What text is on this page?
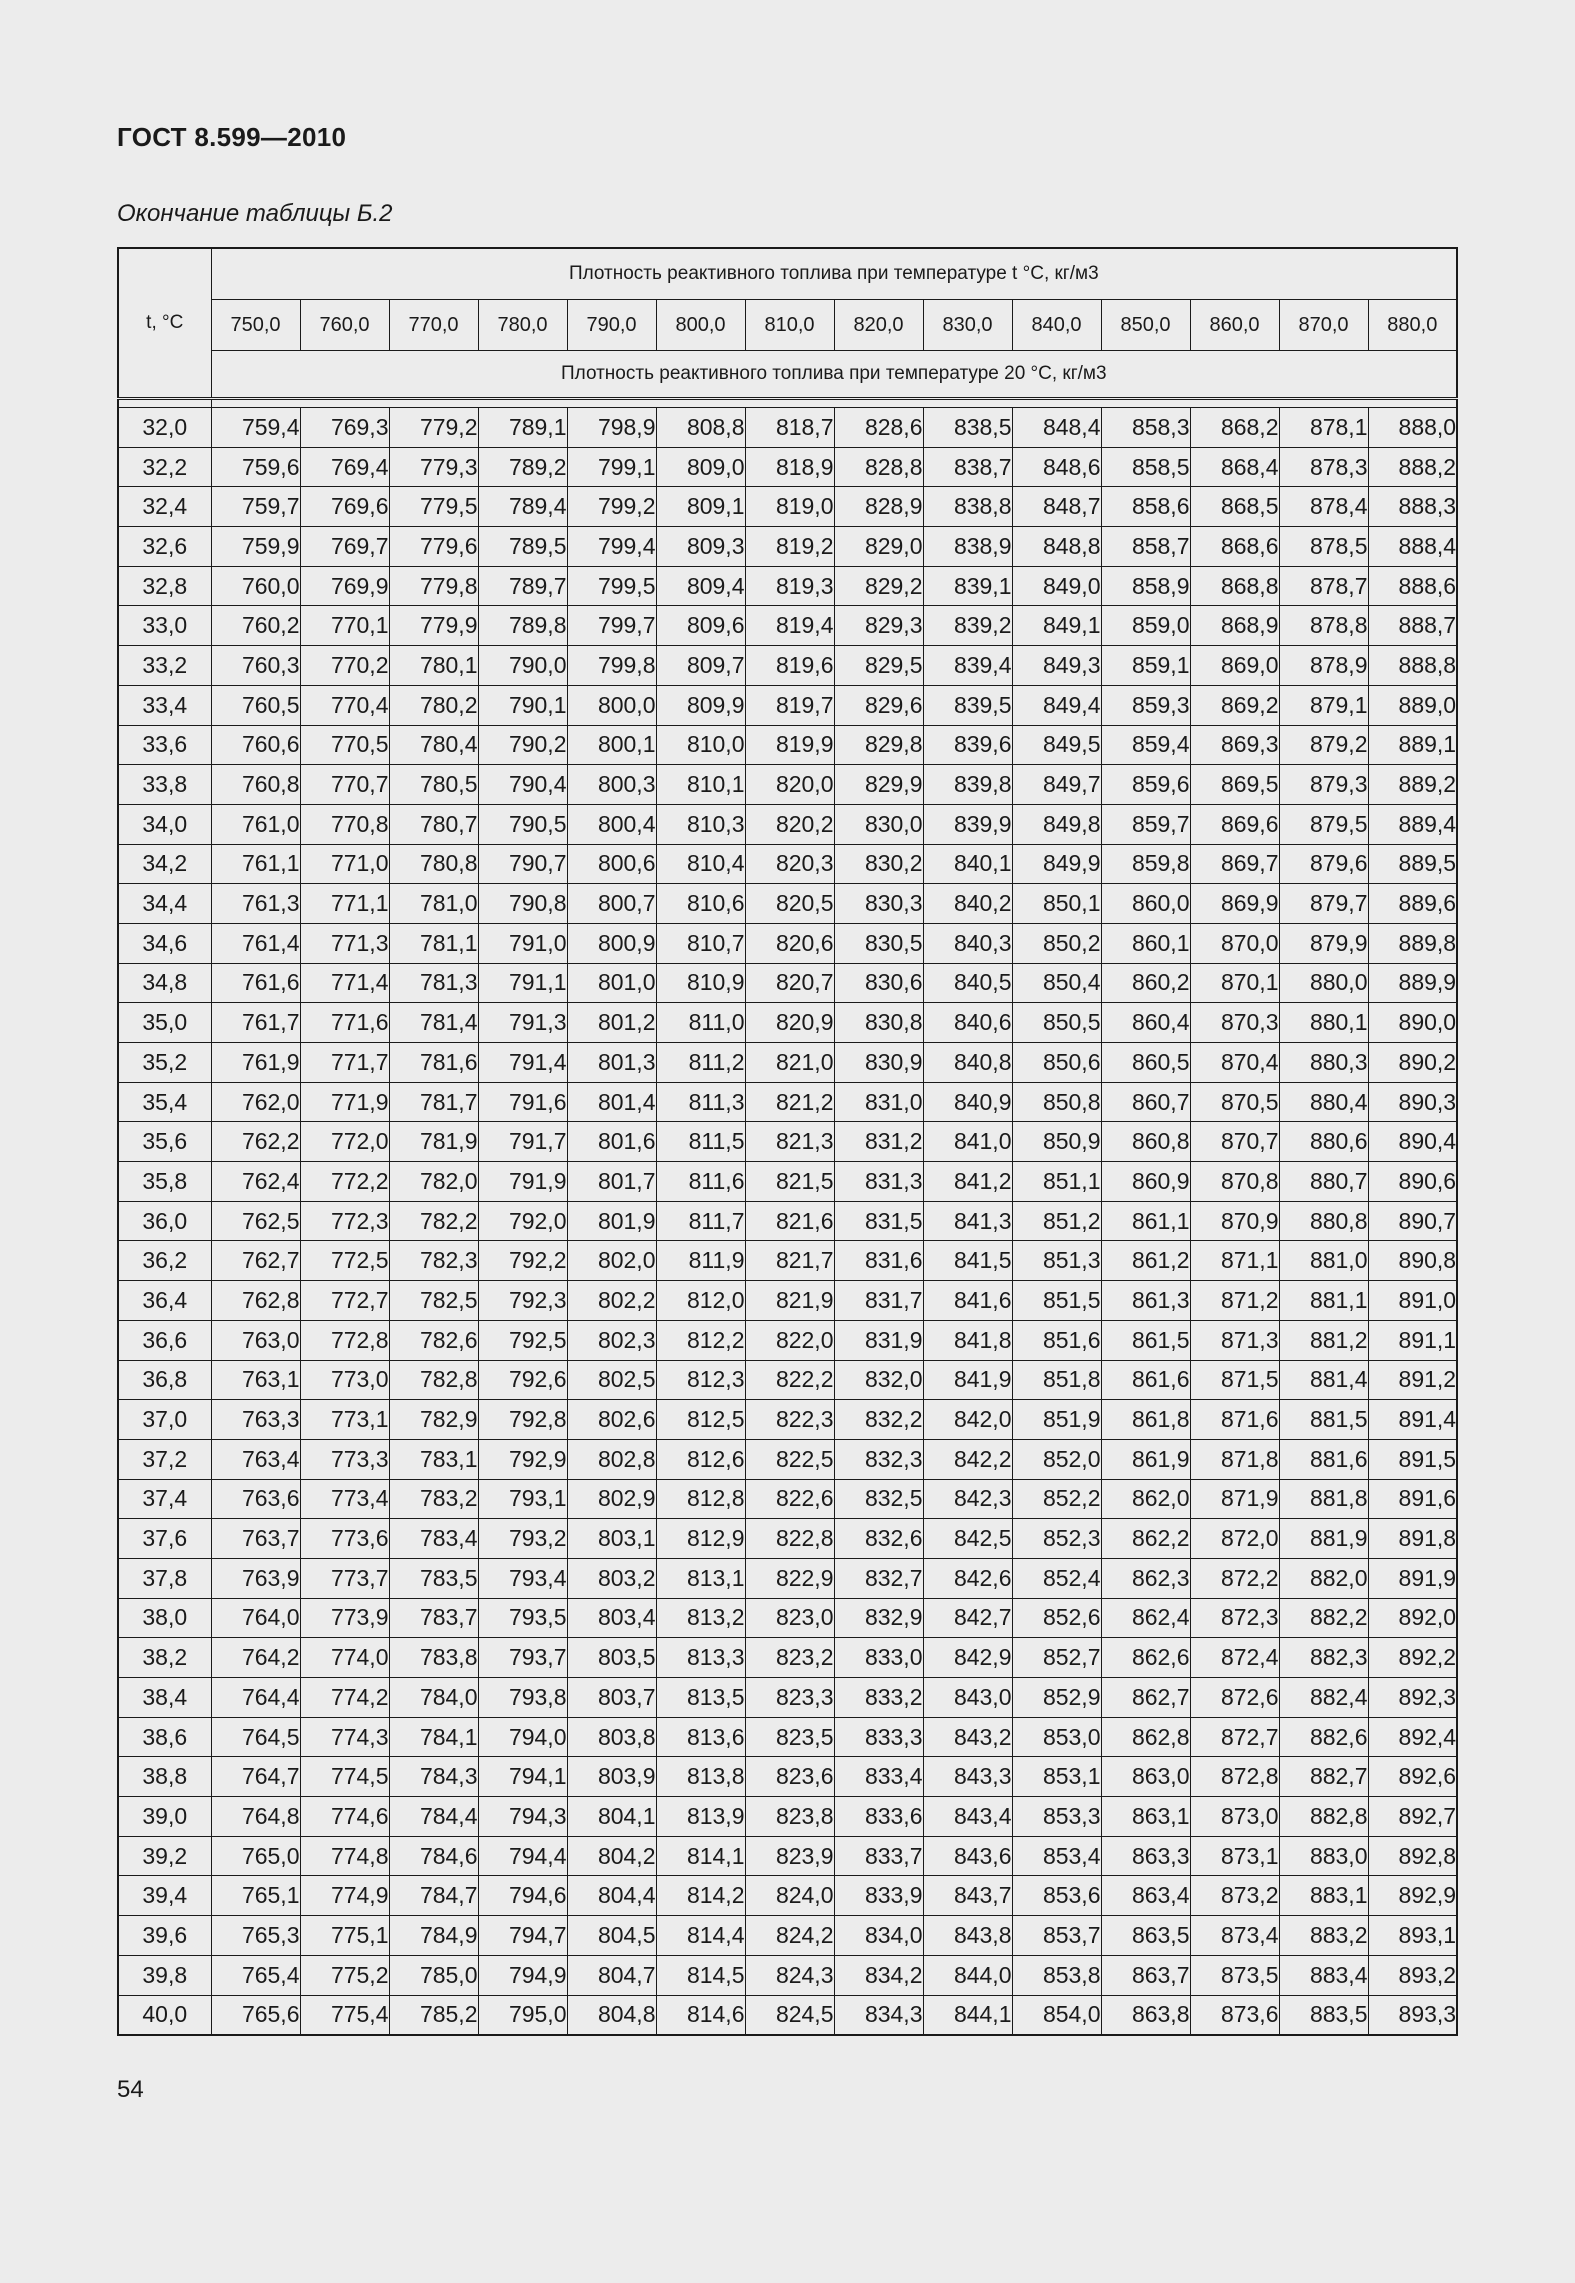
ГОСТ 8.599—2010
Окончание таблицы Б.2
t, °C	Плотность реактивного топлива при температуре t °C, кг/м3													
	750,0	760,0	770,0	780,0	790,0	800,0	810,0	820,0	830,0	840,0	850,0	860,0	870,0	880,0
	Плотность реактивного топлива при температуре 20 °C, кг/м3													

32,0	759,4	769,3	779,2	789,1	798,9	808,8	818,7	828,6	838,5	848,4	858,3	868,2	878,1	888,0
32,2	759,6	769,4	779,3	789,2	799,1	809,0	818,9	828,8	838,7	848,6	858,5	868,4	878,3	888,2
32,4	759,7	769,6	779,5	789,4	799,2	809,1	819,0	828,9	838,8	848,7	858,6	868,5	878,4	888,3
32,6	759,9	769,7	779,6	789,5	799,4	809,3	819,2	829,0	838,9	848,8	858,7	868,6	878,5	888,4
32,8	760,0	769,9	779,8	789,7	799,5	809,4	819,3	829,2	839,1	849,0	858,9	868,8	878,7	888,6
33,0	760,2	770,1	779,9	789,8	799,7	809,6	819,4	829,3	839,2	849,1	859,0	868,9	878,8	888,7
33,2	760,3	770,2	780,1	790,0	799,8	809,7	819,6	829,5	839,4	849,3	859,1	869,0	878,9	888,8
33,4	760,5	770,4	780,2	790,1	800,0	809,9	819,7	829,6	839,5	849,4	859,3	869,2	879,1	889,0
33,6	760,6	770,5	780,4	790,2	800,1	810,0	819,9	829,8	839,6	849,5	859,4	869,3	879,2	889,1
33,8	760,8	770,7	780,5	790,4	800,3	810,1	820,0	829,9	839,8	849,7	859,6	869,5	879,3	889,2
34,0	761,0	770,8	780,7	790,5	800,4	810,3	820,2	830,0	839,9	849,8	859,7	869,6	879,5	889,4
34,2	761,1	771,0	780,8	790,7	800,6	810,4	820,3	830,2	840,1	849,9	859,8	869,7	879,6	889,5
34,4	761,3	771,1	781,0	790,8	800,7	810,6	820,5	830,3	840,2	850,1	860,0	869,9	879,7	889,6
34,6	761,4	771,3	781,1	791,0	800,9	810,7	820,6	830,5	840,3	850,2	860,1	870,0	879,9	889,8
34,8	761,6	771,4	781,3	791,1	801,0	810,9	820,7	830,6	840,5	850,4	860,2	870,1	880,0	889,9
35,0	761,7	771,6	781,4	791,3	801,2	811,0	820,9	830,8	840,6	850,5	860,4	870,3	880,1	890,0
35,2	761,9	771,7	781,6	791,4	801,3	811,2	821,0	830,9	840,8	850,6	860,5	870,4	880,3	890,2
35,4	762,0	771,9	781,7	791,6	801,4	811,3	821,2	831,0	840,9	850,8	860,7	870,5	880,4	890,3
35,6	762,2	772,0	781,9	791,7	801,6	811,5	821,3	831,2	841,0	850,9	860,8	870,7	880,6	890,4
35,8	762,4	772,2	782,0	791,9	801,7	811,6	821,5	831,3	841,2	851,1	860,9	870,8	880,7	890,6
36,0	762,5	772,3	782,2	792,0	801,9	811,7	821,6	831,5	841,3	851,2	861,1	870,9	880,8	890,7
36,2	762,7	772,5	782,3	792,2	802,0	811,9	821,7	831,6	841,5	851,3	861,2	871,1	881,0	890,8
36,4	762,8	772,7	782,5	792,3	802,2	812,0	821,9	831,7	841,6	851,5	861,3	871,2	881,1	891,0
36,6	763,0	772,8	782,6	792,5	802,3	812,2	822,0	831,9	841,8	851,6	861,5	871,3	881,2	891,1
36,8	763,1	773,0	782,8	792,6	802,5	812,3	822,2	832,0	841,9	851,8	861,6	871,5	881,4	891,2
37,0	763,3	773,1	782,9	792,8	802,6	812,5	822,3	832,2	842,0	851,9	861,8	871,6	881,5	891,4
37,2	763,4	773,3	783,1	792,9	802,8	812,6	822,5	832,3	842,2	852,0	861,9	871,8	881,6	891,5
37,4	763,6	773,4	783,2	793,1	802,9	812,8	822,6	832,5	842,3	852,2	862,0	871,9	881,8	891,6
37,6	763,7	773,6	783,4	793,2	803,1	812,9	822,8	832,6	842,5	852,3	862,2	872,0	881,9	891,8
37,8	763,9	773,7	783,5	793,4	803,2	813,1	822,9	832,7	842,6	852,4	862,3	872,2	882,0	891,9
38,0	764,0	773,9	783,7	793,5	803,4	813,2	823,0	832,9	842,7	852,6	862,4	872,3	882,2	892,0
38,2	764,2	774,0	783,8	793,7	803,5	813,3	823,2	833,0	842,9	852,7	862,6	872,4	882,3	892,2
38,4	764,4	774,2	784,0	793,8	803,7	813,5	823,3	833,2	843,0	852,9	862,7	872,6	882,4	892,3
38,6	764,5	774,3	784,1	794,0	803,8	813,6	823,5	833,3	843,2	853,0	862,8	872,7	882,6	892,4
38,8	764,7	774,5	784,3	794,1	803,9	813,8	823,6	833,4	843,3	853,1	863,0	872,8	882,7	892,6
39,0	764,8	774,6	784,4	794,3	804,1	813,9	823,8	833,6	843,4	853,3	863,1	873,0	882,8	892,7
39,2	765,0	774,8	784,6	794,4	804,2	814,1	823,9	833,7	843,6	853,4	863,3	873,1	883,0	892,8
39,4	765,1	774,9	784,7	794,6	804,4	814,2	824,0	833,9	843,7	853,6	863,4	873,2	883,1	892,9
39,6	765,3	775,1	784,9	794,7	804,5	814,4	824,2	834,0	843,8	853,7	863,5	873,4	883,2	893,1
39,8	765,4	775,2	785,0	794,9	804,7	814,5	824,3	834,2	844,0	853,8	863,7	873,5	883,4	893,2
40,0	765,6	775,4	785,2	795,0	804,8	814,6	824,5	834,3	844,1	854,0	863,8	873,6	883,5	893,3
54
